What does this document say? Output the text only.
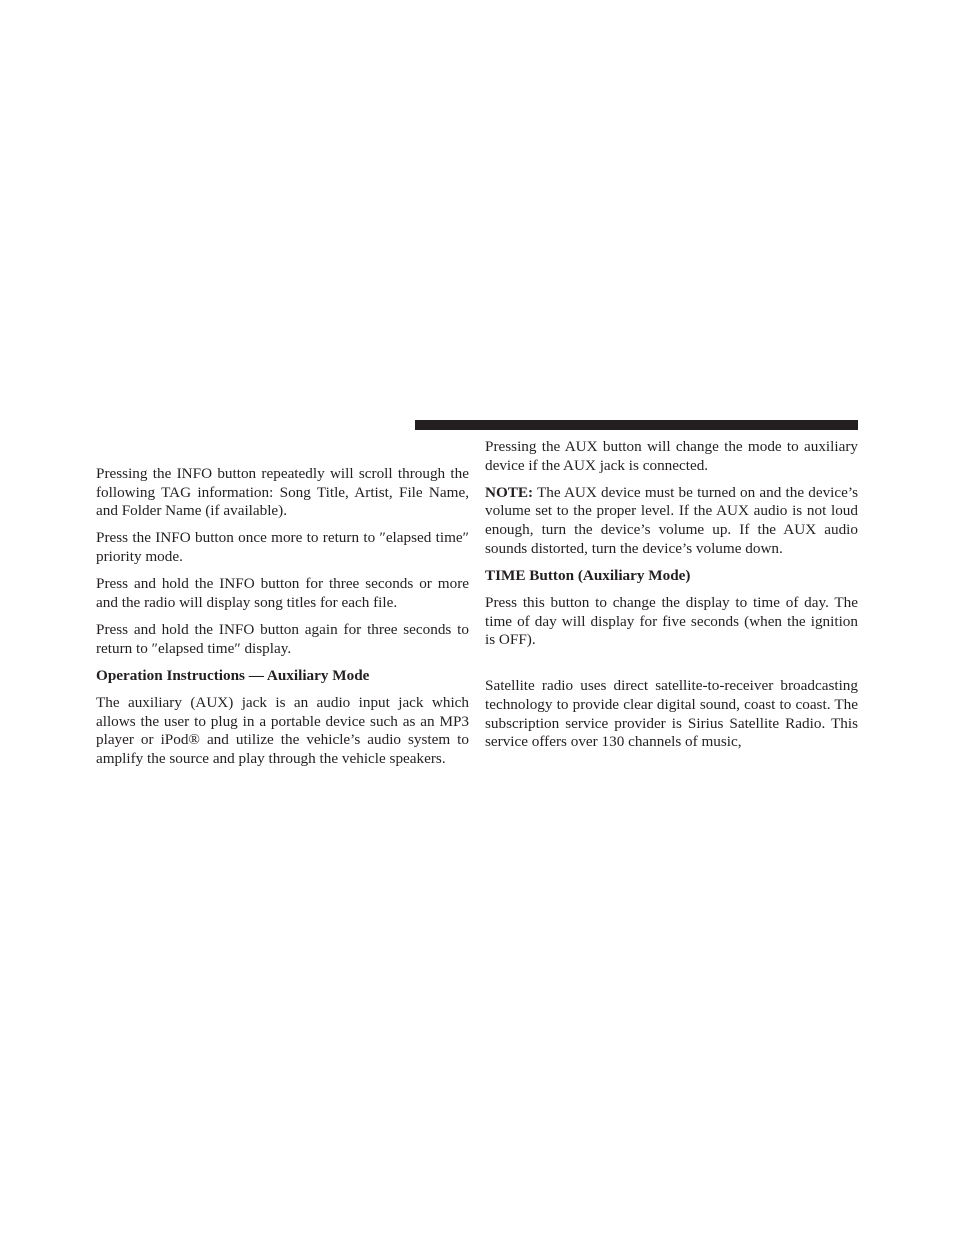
Pressing the INFO button repeatedly will scroll through the following TAG information: Song Title, Artist, File Name, and Folder Name (if available).

Press the INFO button once more to return to ″elapsed time″ priority mode.

Press and hold the INFO button for three seconds or more and the radio will display song titles for each file.

Press and hold the INFO button again for three seconds to return to ″elapsed time″ display.

Operation Instructions — Auxiliary Mode

The auxiliary (AUX) jack is an audio input jack which allows the user to plug in a portable device such as an MP3 player or iPod® and utilize the vehicle’s audio system to amplify the source and play through the vehicle speakers.

Pressing the AUX button will change the mode to auxiliary device if the AUX jack is connected.

NOTE: The AUX device must be turned on and the device’s volume set to the proper level. If the AUX audio is not loud enough, turn the device’s volume up. If the AUX audio sounds distorted, turn the device’s volume down.

TIME Button (Auxiliary Mode)

Press this button to change the display to time of day. The time of day will display for five seconds (when the ignition is OFF).

Satellite radio uses direct satellite-to-receiver broadcasting technology to provide clear digital sound, coast to coast. The subscription service provider is Sirius Satellite Radio. This service offers over 130 channels of music,
